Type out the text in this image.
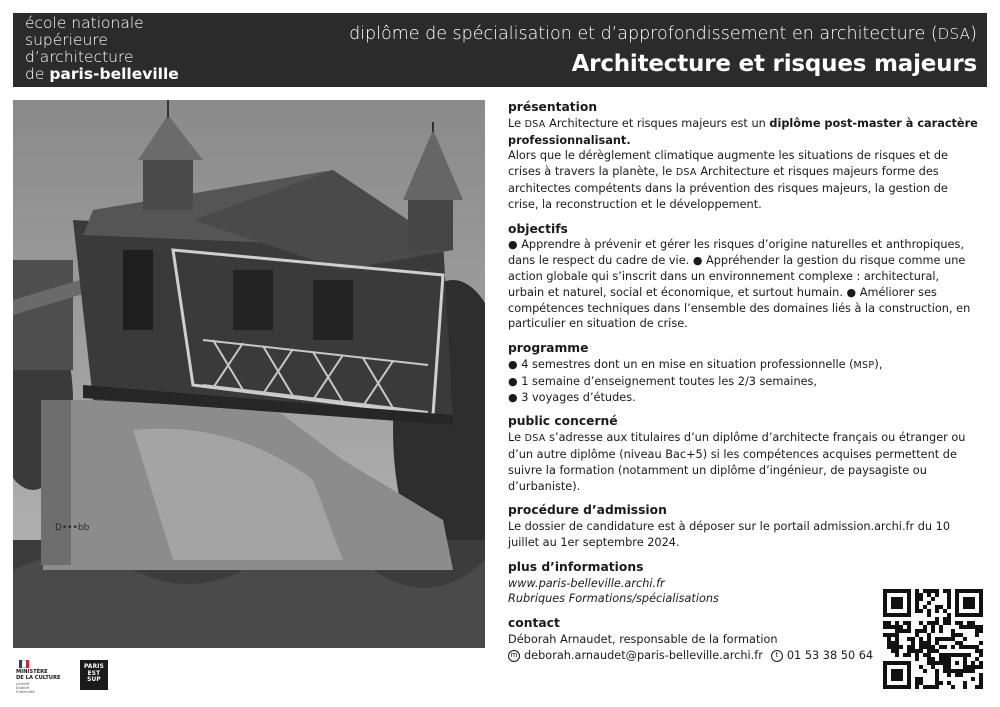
école nationale
supérieure
d’architecture
de paris-belleville
diplôme de spécialisation et d’approfondissement en architecture (DSA)
Architecture et risques majeurs
D•••bb
MINISTÈRE
DE LA CULTURE
Liberté
Égalité
Fraternité
PARIS
EST
SUP
présentation

Le DSA Architecture et risques majeurs est un diplôme post-master à caractère professionnalisant.

Alors que le dérèglement climatique augmente les situations de risques et de crises à travers la planète, le DSA Architecture et risques majeurs forme des architectes compétents dans la prévention des risques majeurs, la gestion de crise, la reconstruction et le développement.

objectifs

● Apprendre à prévenir et gérer les risques d’origine naturelles et anthropiques, dans le respect du cadre de vie. ● Appréhender la gestion du risque comme une action globale qui s’inscrit dans un environnement complexe : architectural, urbain et naturel, social et économique, et surtout humain. ● Améliorer ses compétences techniques dans l’ensemble des domaines liés à la construction, en particulier en situation de crise.

programme

● 4 semestres dont un en mise en situation professionnelle (MSP),

● 1 semaine d’enseignement toutes les 2/3 semaines,

● 3 voyages d’études.

public concerné

Le DSA s’adresse aux titulaires d’un diplôme d’architecte français ou étranger ou d’un autre diplôme (niveau Bac+5) si les compétences acquises permettent de suivre la formation (notamment un diplôme d’ingénieur, de paysagiste ou d’urbaniste).

procédure d’admission

Le dossier de candidature est à déposer sur le portail admission.archi.fr du 10 juillet au 1er septembre 2024.

plus d’informations

www.paris-belleville.archi.fr

Rubriques Formations/spécialisations

contact

Déborah Arnaudet, responsable de la formation

m deborah.arnaudet@paris-belleville.archi.fr	t 01 53 38 50 64
